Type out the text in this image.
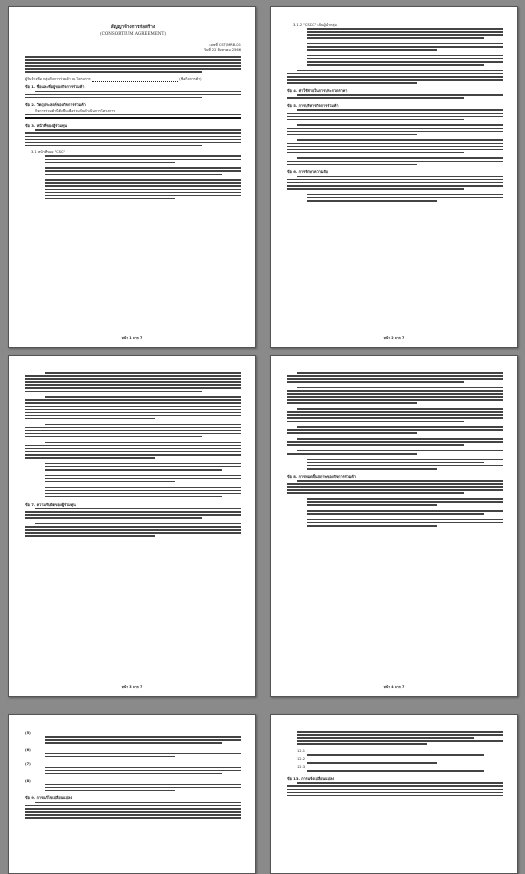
สัญญาจ้างการก่อสร้าง

(CONSORTIUM AGREEMENT)

เลขที่ CST/MRB-01

วันที่ 22 สิงหาคม 2566

ผู้รับจ้างชื่อ กลุ่มกิจการร่วมค้า ณ โครงการ	(ชื่อกิจการค้า)

ข้อ 1. ชื่อและที่อยู่ของกิจการร่วมค้า

ข้อ 2. วัตถุประสงค์ของกิจการร่วมค้า

กิจการร่วมค้านี้ตั้งขึ้นเพื่อร่วมกันดำเนินการโครงการ

ข้อ 3. หน้าที่ของผู้ร่วมทุน

3.1 หน้าที่ของ "CSC"

หน้า 1 จาก 7

3.1.2 "CSCC" เป็นผู้นำกลุ่ม

ข้อ 4. ค่าใช้จ่ายในการประกวดราคา

ข้อ 5. การบริหารกิจการร่วมค้า

ข้อ 6. การรักษาความลับ

หน้า 2 จาก 7

ข้อ 7. ความรับผิดของผู้ร่วมทุน

หน้า 3 จาก 7

ข้อ 8. การหมดสิ้นสภาพของกิจการร่วมค้า

หน้า 4 จาก 7

(5)

(6)

(7)

(8)

ข้อ 9. การแก้ไขเปลี่ยนแปลง

12.1

12.2

12.3

ข้อ 13. การแจ้งเปลี่ยนแปลง
